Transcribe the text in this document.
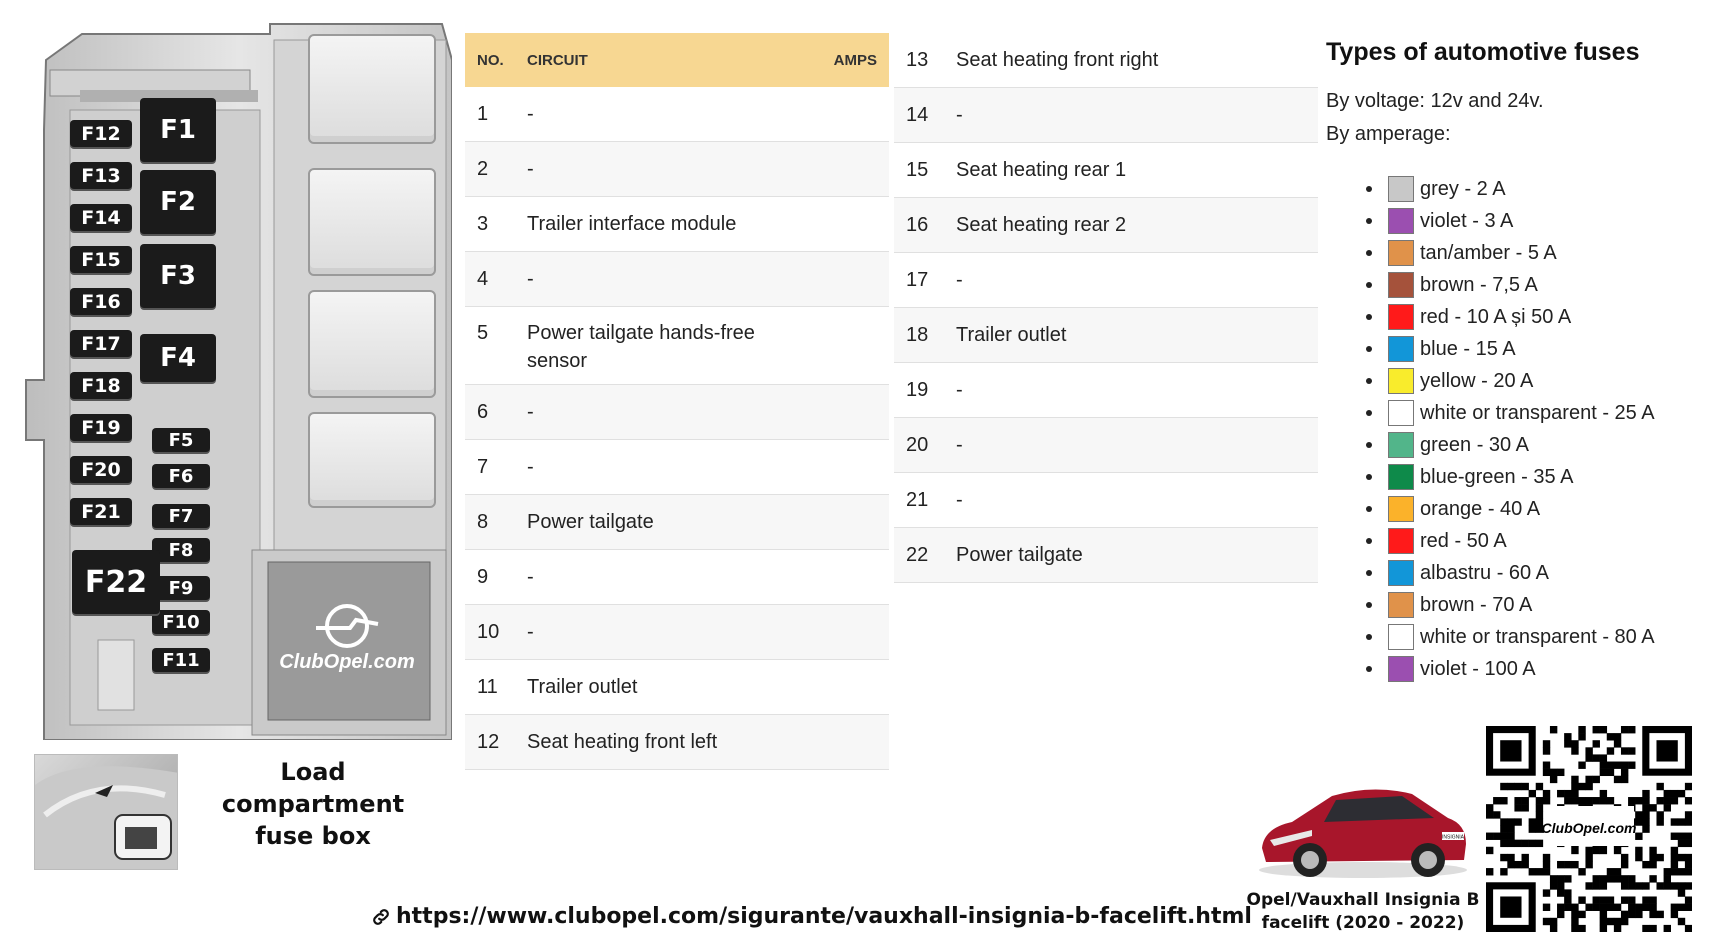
F1
F2
F3
F4
F5
F6
F7
F8
F9
F10
F11
F12
F13
F14
F15
F16
F17
F18
F19
F20
F21
F22
ClubOpel.com
Load compartment
fuse box
NO.	CIRCUIT	AMPS
1	-
2	-
3	Trailer interface module
4	-
5	Power tailgate hands-free sensor
6	-
7	-
8	Power tailgate
9	-
10	-
11	Trailer outlet
12	Seat heating front left
13	Seat heating front right
14	-
15	Seat heating rear 1
16	Seat heating rear 2
17	-
18	Trailer outlet
19	-
20	-
21	-
22	Power tailgate
Types of automotive fuses

By voltage: 12v and 24v.

By amperage:

grey - 2 A
violet - 3 A
tan/amber - 5 A
brown - 7,5 A
red - 10 A și 50 A
blue - 15 A
yellow - 20 A
white or transparent - 25 A
green - 30 A
blue-green - 35 A
orange - 40 A
red - 50 A
albastru - 60 A
brown - 70 A
white or transparent - 80 A
violet - 100 A
INSIGNIA
Opel/Vauxhall Insignia B
facelift (2020 - 2022)
ClubOpel.com
https://www.clubopel.com/sigurante/vauxhall-insignia-b-facelift.html
